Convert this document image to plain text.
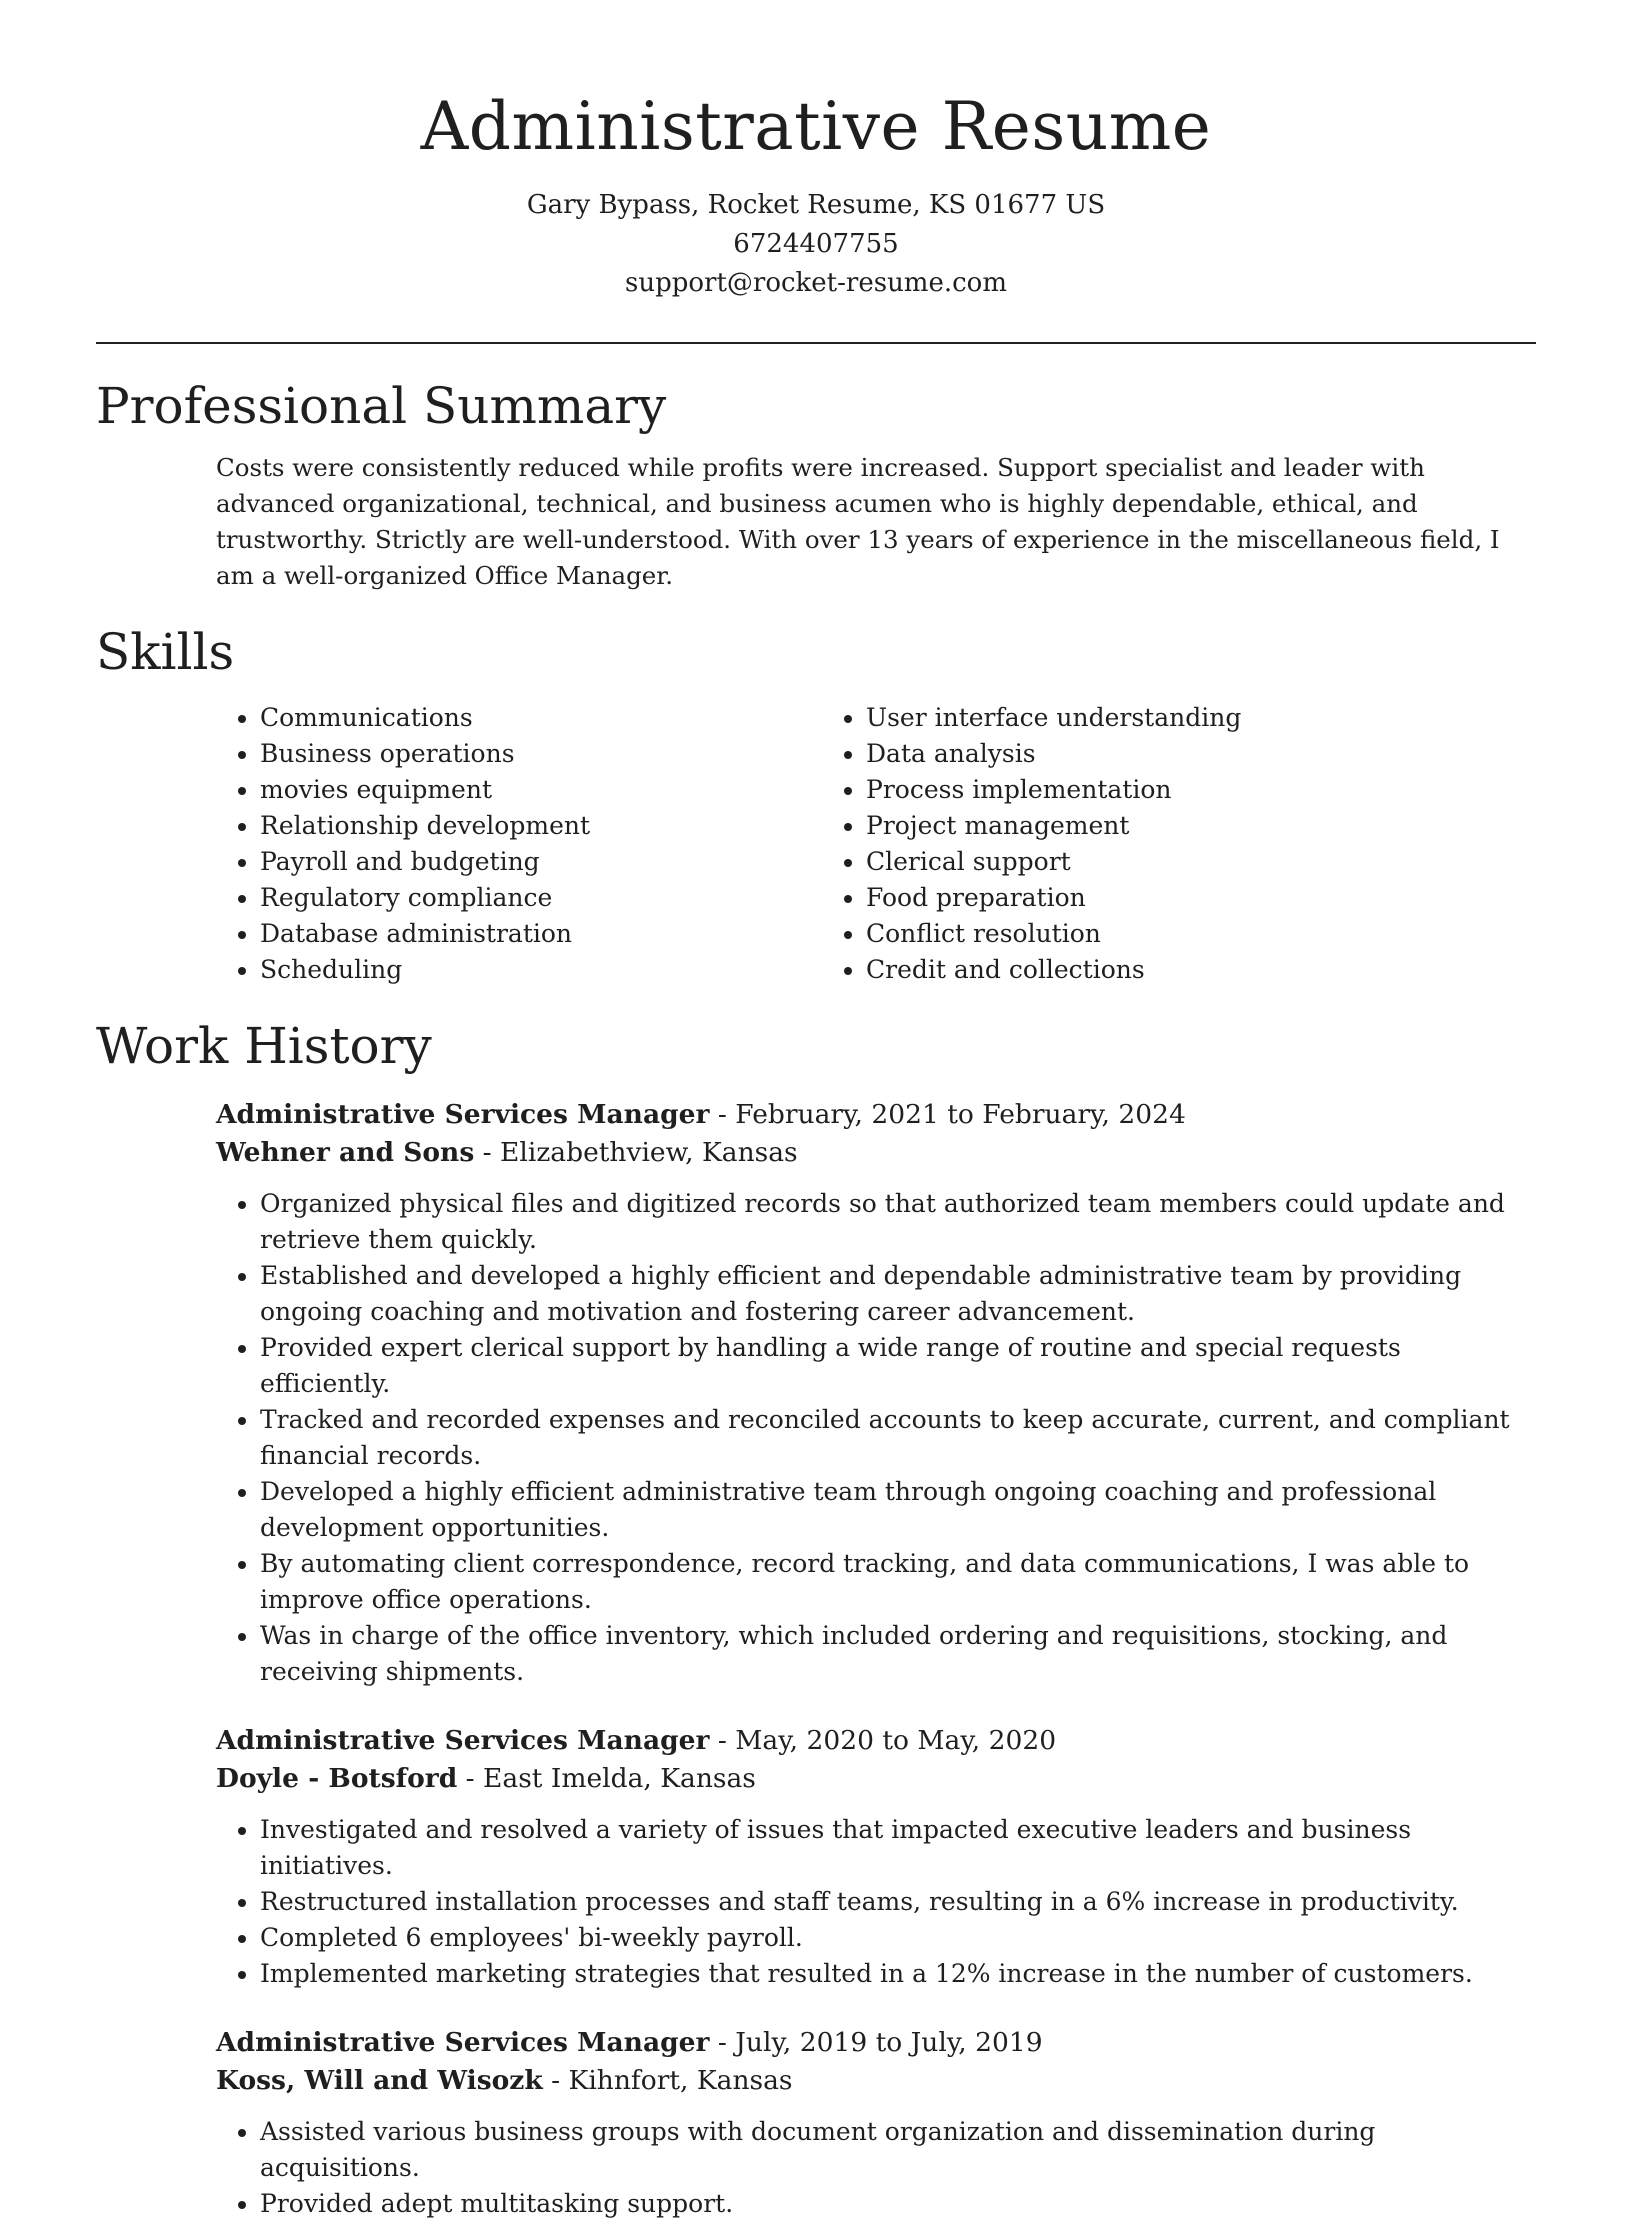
Administrative Resume
Gary Bypass, Rocket Resume, KS 01677 US
6724407755
support@rocket-resume.com
Professional Summary

Costs were consistently reduced while profits were increased. Support specialist and leader with advanced organizational, technical, and business acumen who is highly dependable, ethical, and trustworthy. Strictly are well-understood. With over 13 years of experience in the miscellaneous field, I am a well-organized Office Manager.

Skills
• Communications
• Business operations
• movies equipment
• Relationship development
• Payroll and budgeting
• Regulatory compliance
• Database administration
• Scheduling
• User interface understanding
• Data analysis
• Process implementation
• Project management
• Clerical support
• Food preparation
• Conflict resolution
• Credit and collections
Work History
Administrative Services Manager - February, 2021 to February, 2024
Wehner and Sons - Elizabethview, Kansas
• Organized physical files and digitized records so that authorized team members could update and retrieve them quickly.
• Established and developed a highly efficient and dependable administrative team by providing ongoing coaching and motivation and fostering career advancement.
• Provided expert clerical support by handling a wide range of routine and special requests efficiently.
• Tracked and recorded expenses and reconciled accounts to keep accurate, current, and compliant financial records.
• Developed a highly efficient administrative team through ongoing coaching and professional development opportunities.
• By automating client correspondence, record tracking, and data communications, I was able to improve office operations.
• Was in charge of the office inventory, which included ordering and requisitions, stocking, and receiving shipments.
Administrative Services Manager - May, 2020 to May, 2020
Doyle - Botsford - East Imelda, Kansas
• Investigated and resolved a variety of issues that impacted executive leaders and business initiatives.
• Restructured installation processes and staff teams, resulting in a 6% increase in productivity.
• Completed 6 employees' bi-weekly payroll.
• Implemented marketing strategies that resulted in a 12% increase in the number of customers.
Administrative Services Manager - July, 2019 to July, 2019
Koss, Will and Wisozk - Kihnfort, Kansas
• Assisted various business groups with document organization and dissemination during acquisitions.
• Provided adept multitasking support.
